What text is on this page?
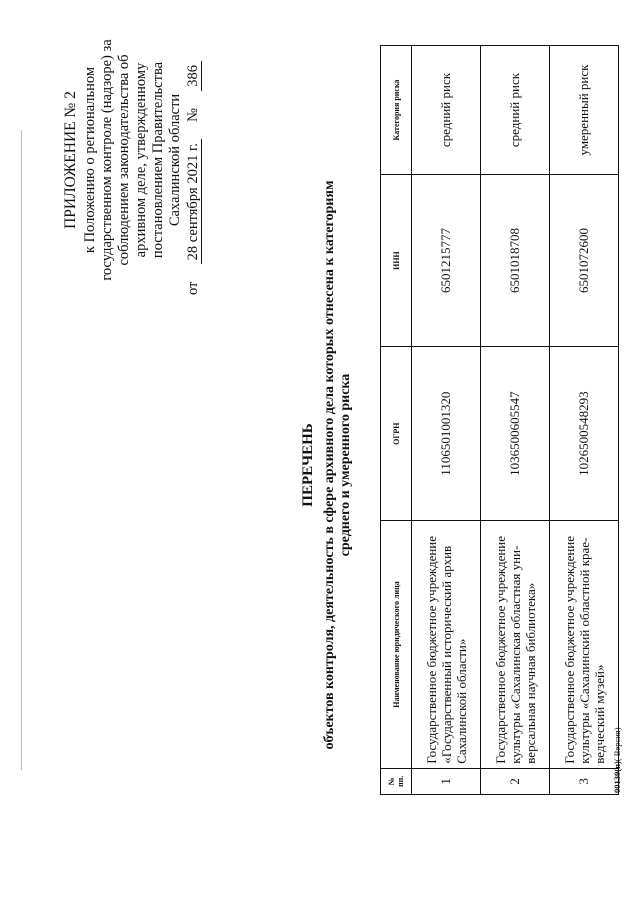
ПРИЛОЖЕНИЕ № 2 к Положению о региональном государственном контроле (надзоре) за соблюдением законодательства об архивном деле, утвержденному постановлением Правительства Сахалинской области
от  28 сентября 2021 г.  №  386
ПЕРЕЧЕНЬ объектов контроля, деятельность в сфере архивного дела которых отнесена к категориям среднего и умеренного риска
№ пп.	Наименование юридического лица	ОГРН	ИНН	Категория риска
1	Государственное бюджетное учреждение «Государственный исторический архив Сахалинской области»	1106501001320	6501215777	средний риск
2	Государственное бюджетное учреждение культуры «Сахалинская областная уни-версальная научная библиотека»	1036500605547	6501018708	средний риск
3	Государственное бюджетное учреждение культуры «Сахалинский областной крае-ведческий музей»	1026500548293	6501072600	умеренный риск
00139(п)( Версия)
